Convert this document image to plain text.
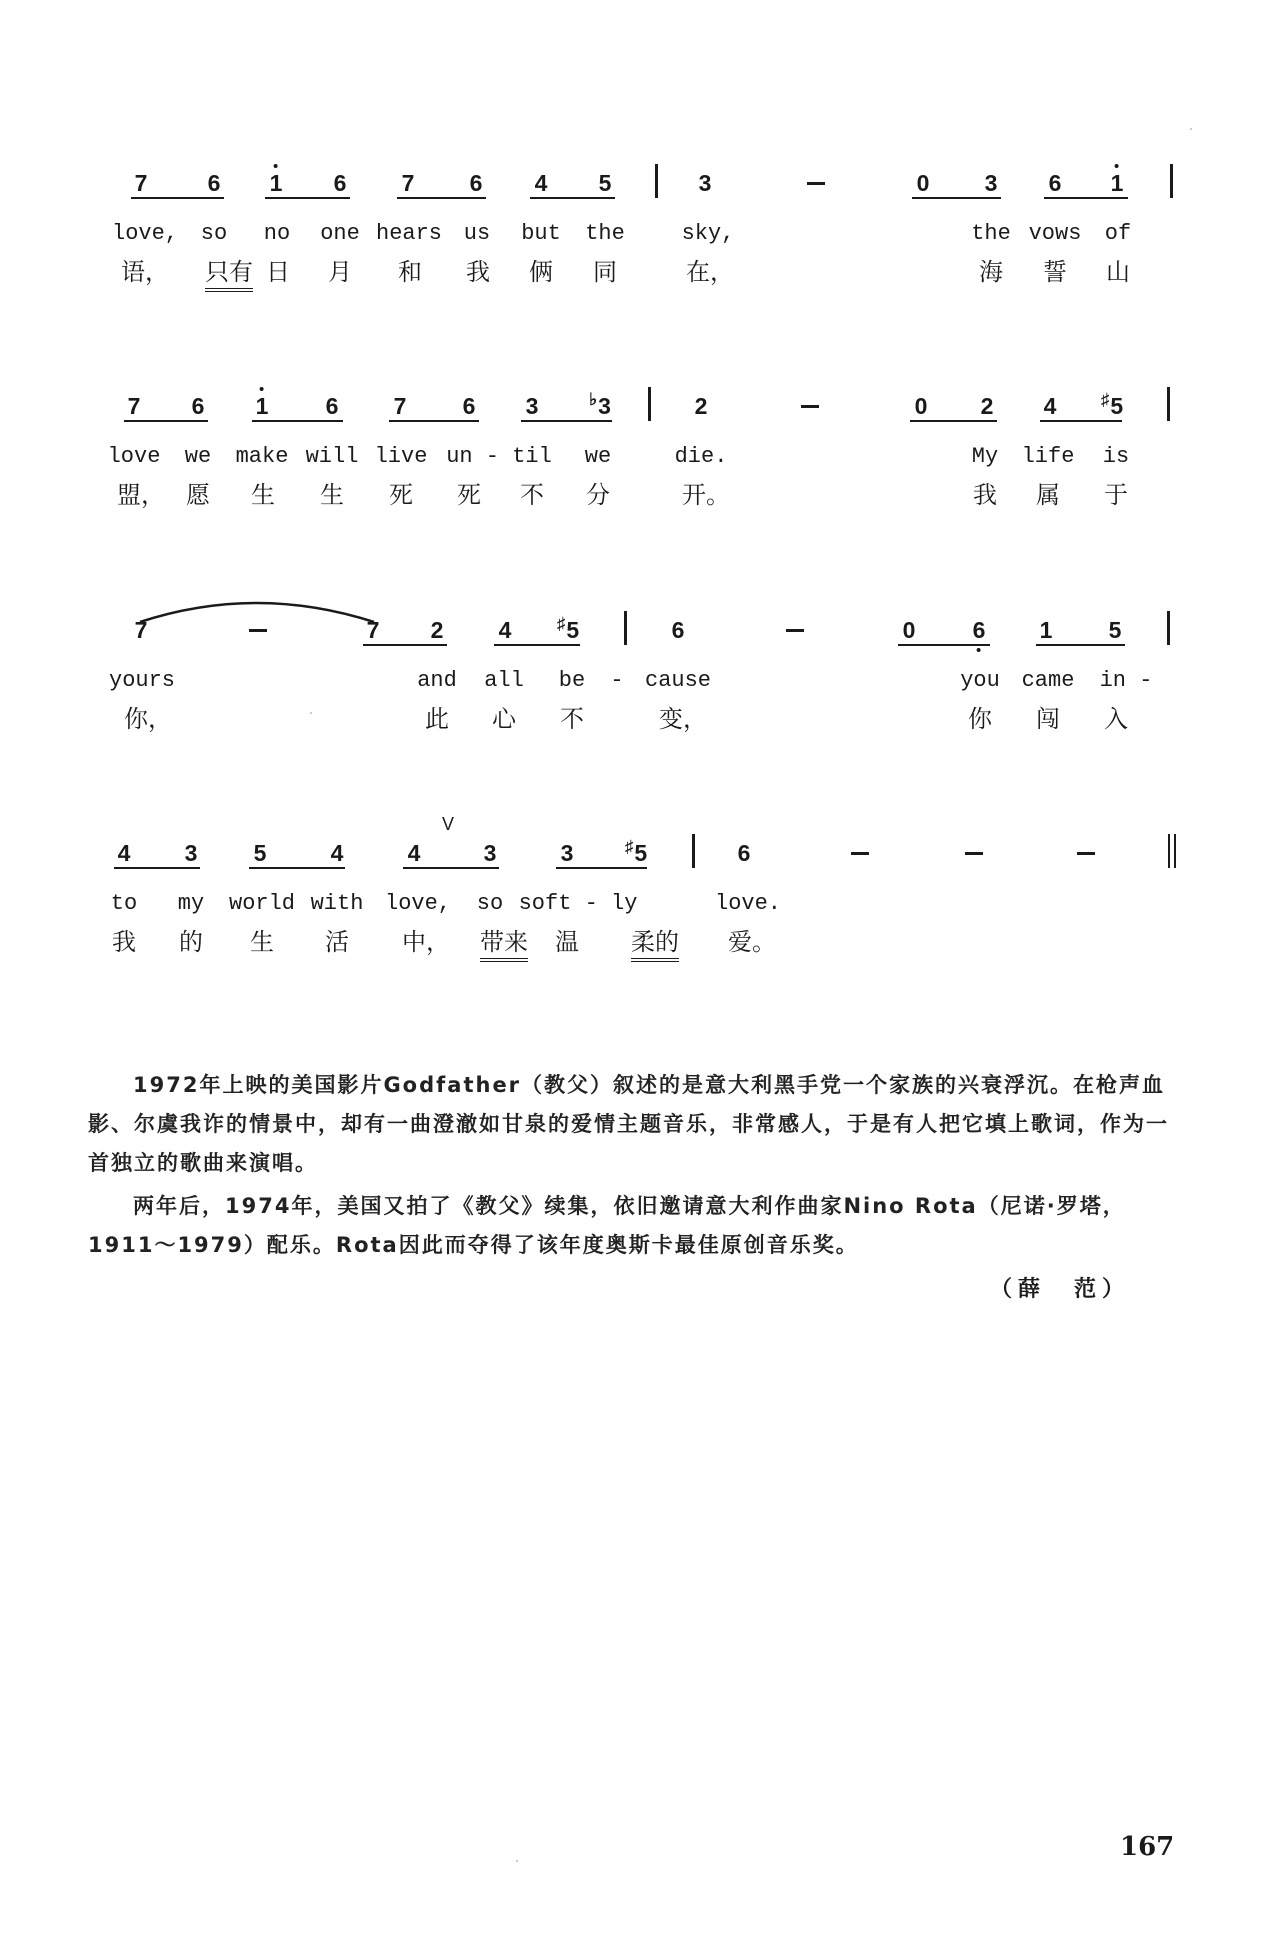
7	6 1 6 7 6 4 5	3	0 3 6 1
love, so no one hears us but the	sky,	the vows of
语， 只有 日 月 和 我 俩 同	在，	海 誓 山
7 6 1 6 7 6 3	♭3	2	0 2 4	♯5
love we make will live un - til we	die.	My life is
盟， 愿 生 生 死 死 不 分	开。	我 属 于
7	7 2 4	♯5	6	0 6 1 5
yours	and all be - cause	you came in -
你，	此 心 不	变，	你 闯 入
4 3 5	4	4	3	3	♯5	6
V
to my world with love, so soft - ly	love.
我 的 生 活 中， 带来 温 柔的 爱。

1972年上映的美国影片Godfather（教父）叙述的是意大利黑手党一个家族的兴衰浮沉。在枪声血影、尔虞我诈的情景中，却有一曲澄澈如甘泉的爱情主题音乐，非常感人，于是有人把它填上歌词，作为一首独立的歌曲来演唱。

两年后，1974年，美国又拍了《教父》续集，依旧邀请意大利作曲家Nino Rota（尼诺·罗塔，1911～1979）配乐。Rota因此而夺得了该年度奥斯卡最佳原创音乐奖。

（薛　范）
167
